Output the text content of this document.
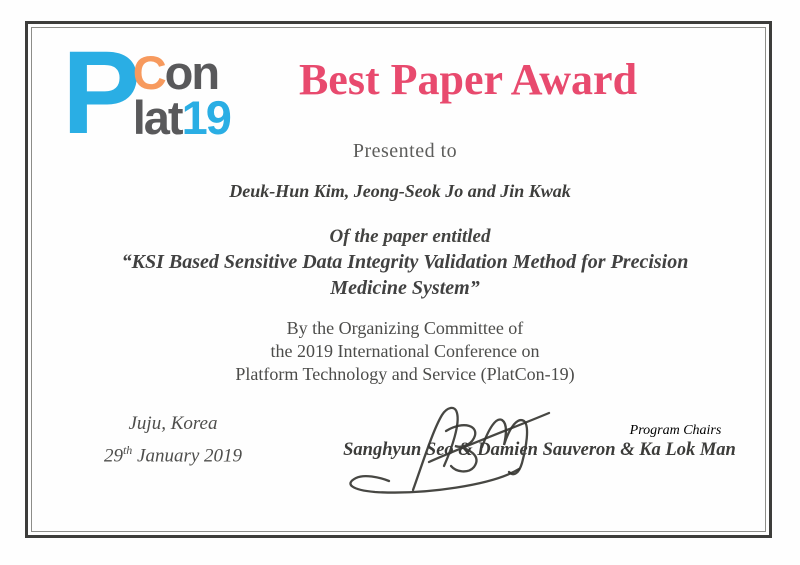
P
C on
lat 19
Best Paper Award
Presented to
Deuk-Hun Kim, Jeong-Seok Jo and Jin Kwak
Of the paper entitled
“KSI Based Sensitive Data Integrity Validation Method for Precision
Medicine System”
By the Organizing Committee of
the 2019 International Conference on
Platform Technology and Service (PlatCon-19)
Juju, Korea
29th January 2019
Program Chairs
Sanghyun Seo & Damien Sauveron & Ka Lok Man
